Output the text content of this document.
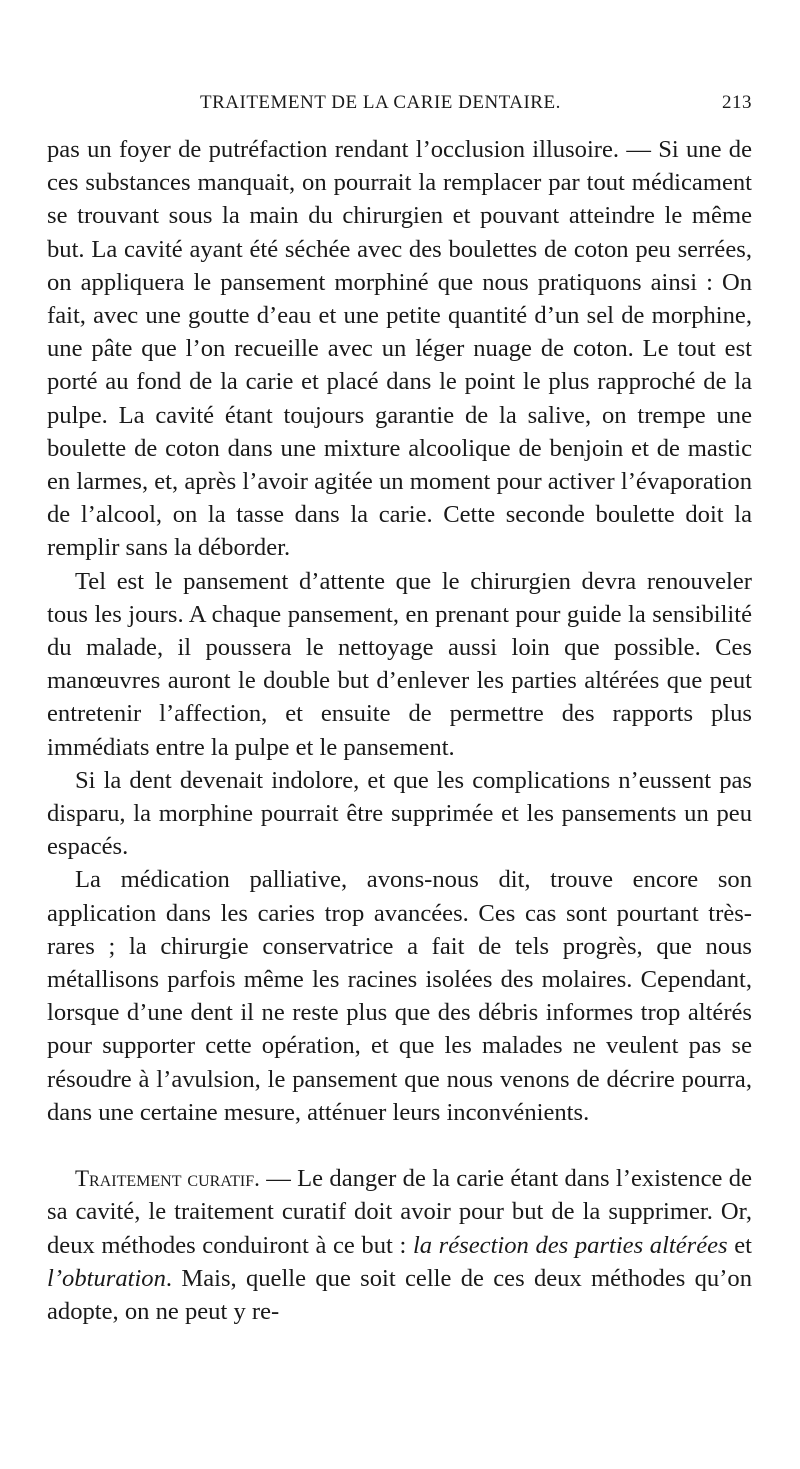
TRAITEMENT DE LA CARIE DENTAIRE.	213

pas un foyer de putréfaction rendant l’occlusion illusoire. — Si une de ces substances manquait, on pourrait la remplacer par tout médicament se trouvant sous la main du chirurgien et pouvant atteindre le même but. La cavité ayant été séchée avec des boulettes de coton peu serrées, on appliquera le pansement morphiné que nous pratiquons ainsi : On fait, avec une goutte d’eau et une petite quantité d’un sel de morphine, une pâte que l’on recueille avec un léger nuage de coton. Le tout est porté au fond de la carie et placé dans le point le plus rapproché de la pulpe. La cavité étant toujours garantie de la salive, on trempe une boulette de coton dans une mixture alcoolique de benjoin et de mastic en larmes, et, après l’avoir agitée un moment pour activer l’évaporation de l’alcool, on la tasse dans la carie. Cette seconde boulette doit la remplir sans la déborder.

Tel est le pansement d’attente que le chirurgien devra renouveler tous les jours. A chaque pansement, en prenant pour guide la sensibilité du malade, il poussera le nettoyage aussi loin que possible. Ces manœuvres auront le double but d’enlever les parties altérées que peut entretenir l’affection, et ensuite de permettre des rapports plus immédiats entre la pulpe et le pansement.

Si la dent devenait indolore, et que les complications n’eussent pas disparu, la morphine pourrait être supprimée et les pansements un peu espacés.

La médication palliative, avons-nous dit, trouve encore son application dans les caries trop avancées. Ces cas sont pourtant très-rares ; la chirurgie conservatrice a fait de tels progrès, que nous métallisons parfois même les racines isolées des molaires. Cependant, lorsque d’une dent il ne reste plus que des débris informes trop altérés pour supporter cette opération, et que les malades ne veulent pas se résoudre à l’avulsion, le pansement que nous venons de décrire pourra, dans une certaine mesure, atténuer leurs inconvénients.

Traitement curatif. — Le danger de la carie étant dans l’existence de sa cavité, le traitement curatif doit avoir pour but de la supprimer. Or, deux méthodes conduiront à ce but : la résection des parties altérées et l’obturation. Mais, quelle que soit celle de ces deux méthodes qu’on adopte, on ne peut y re-
